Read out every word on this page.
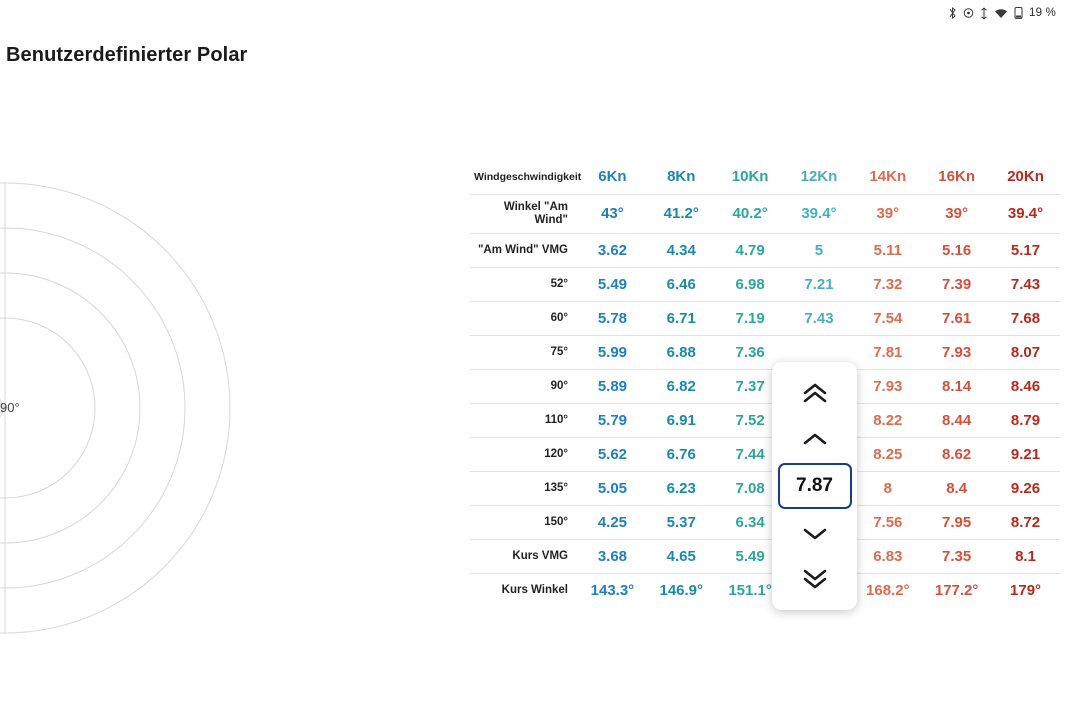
19 %
Benutzerdefinierter Polar
90°
Windgeschwindigkeit	6Kn	8Kn	10Kn	12Kn	14Kn	16Kn	20Kn
Winkel "Am Wind"	43°	41.2°	40.2°	39.4°	39°	39°	39.4°
"Am Wind" VMG	3.62	4.34	4.79	5	5.11	5.16	5.17
52°	5.49	6.46	6.98	7.21	7.32	7.39	7.43
60°	5.78	6.71	7.19	7.43	7.54	7.61	7.68
75°	5.99	6.88	7.36		7.81	7.93	8.07
90°	5.89	6.82	7.37		7.93	8.14	8.46
110°	5.79	6.91	7.52		8.22	8.44	8.79
120°	5.62	6.76	7.44		8.25	8.62	9.21
135°	5.05	6.23	7.08		8	8.4	9.26
150°	4.25	5.37	6.34		7.56	7.95	8.72
Kurs VMG	3.68	4.65	5.49		6.83	7.35	8.1
Kurs Winkel	143.3°	146.9°	151.1°		168.2°	177.2°	179°
7.87
